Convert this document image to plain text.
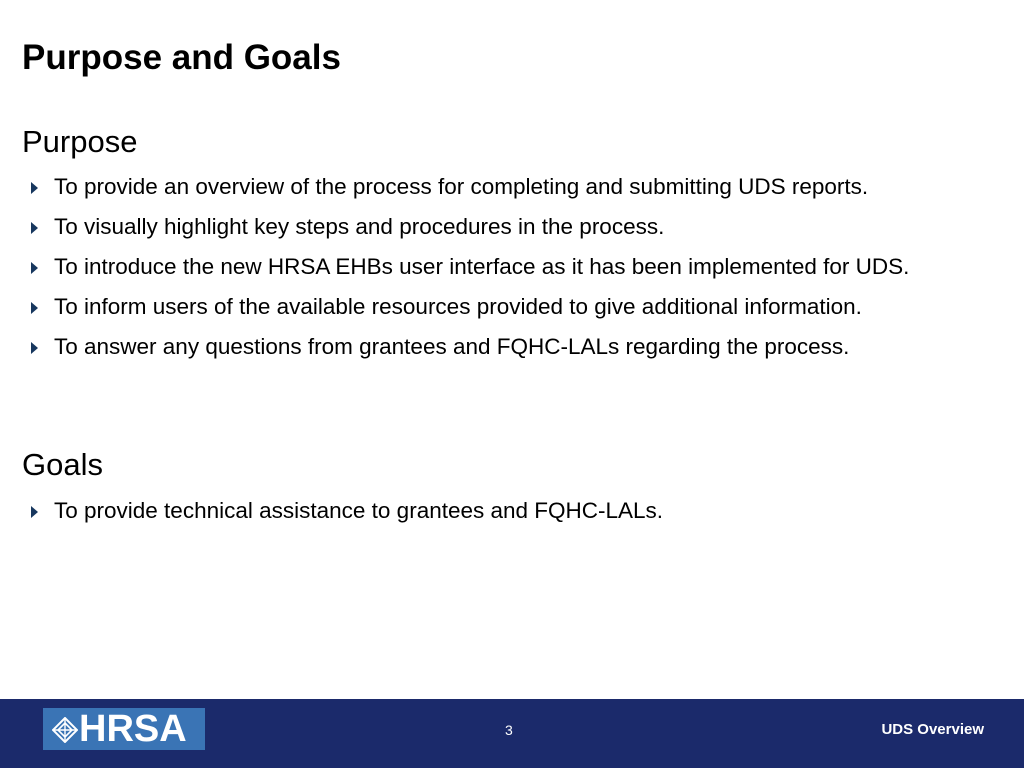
Purpose and Goals
Purpose
To provide an overview of the process for completing and submitting UDS reports.
To visually highlight key steps and procedures in the process.
To introduce the new HRSA EHBs user interface as it has been implemented for UDS.
To inform users of the available resources provided to give additional information.
To answer any questions from grantees and FQHC-LALs regarding the process.
Goals
To provide technical assistance to grantees and FQHC-LALs.
HRSA	3	UDS Overview
